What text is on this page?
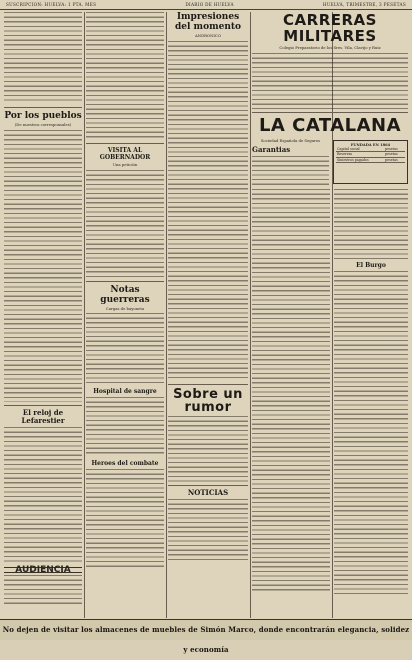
SUSCRIPCION: HUELVA: 1 PTA. MES	DIARIO DE HUELVA	HUELVA, TRIMESTRE, 3 PESETAS
Por los pueblos
(De nuestros corresponsales)
El reloj de Lefarestier
AUDIENCIA
VISITA AL GOBERNADOR
Una petición
Notas guerreras
Cargas de bayoneta
Hospital de sangre
Heroes del combate
Impresiones del momento
ANDRONICO
Sobre un rumor
NOTICIAS
CARRERAS MILITARES
Colegio Preparatorio de los Sres. Vila, Clavijo y Ruiz
LA CATALANA
Sociedad Española de Seguros
Garantias
FUNDADA EN 1864
Capital social	pesetas
Reservas	pesetas
Siniestros pagados	pesetas
El Burgo
No dejen de visitar los almacenes de muebles de Simón Marco, donde encontrarán elegancia, solidez y economía
